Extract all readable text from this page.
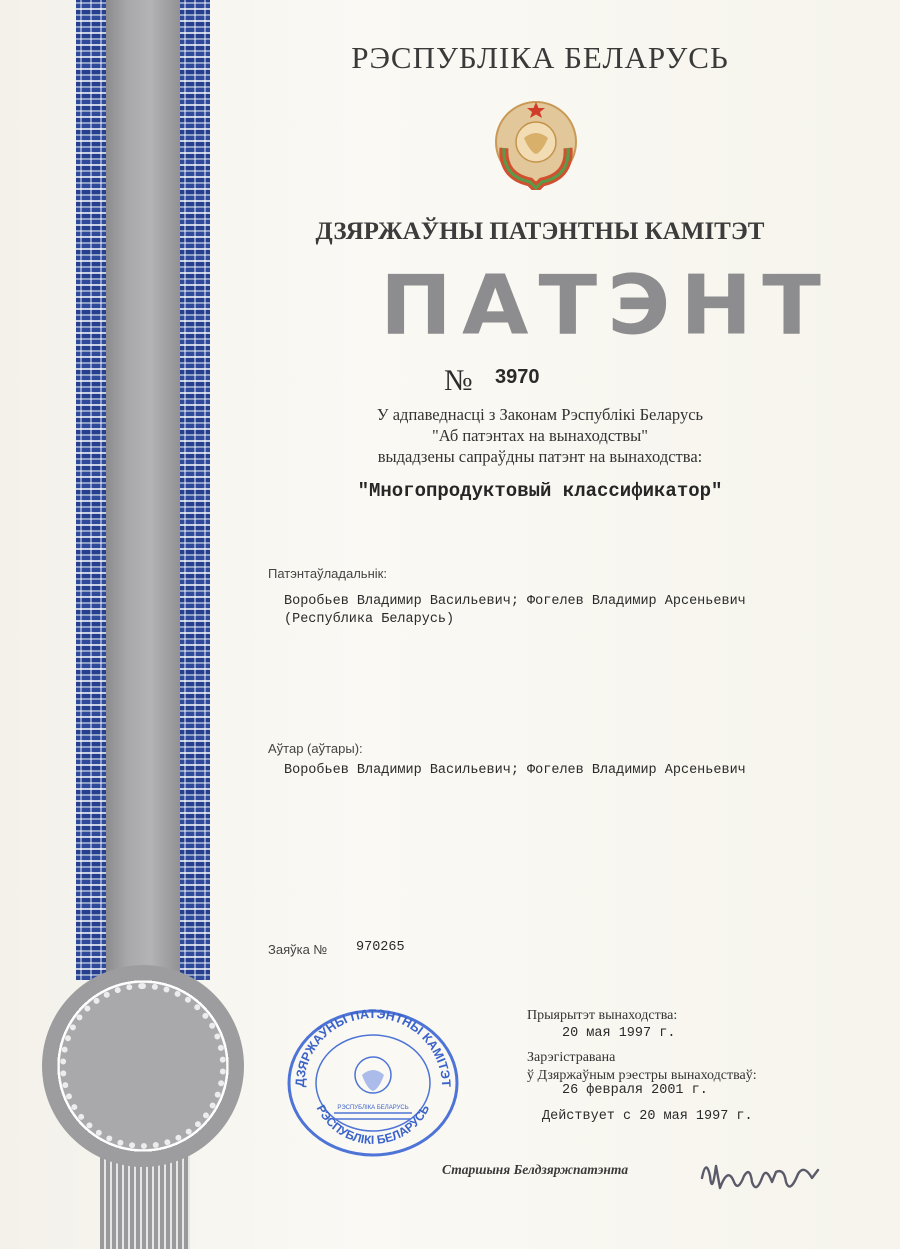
РЭСПУБЛІКА БЕЛАРУСЬ
ДЗЯРЖАЎНЫ ПАТЭНТНЫ КАМІТЭТ
ПАТЭНТ
№ 3970
У адпаведнасці з Законам Рэспублікі Беларусь
"Аб патэнтах на вынаходствы"
выдадзены сапраўдны патэнт на вынаходства:
"Многопродуктовый классификатор"
Патэнтаўладальнік:
Воробьев Владимир Васильевич; Фогелев Владимир Арсеньевич
(Республика Беларусь)
Аўтар (аўтары):
Воробьев Владимир Васильевич; Фогелев Владимир Арсеньевич
Заяўка № 970265
Прыярытэт вынаходства:
20 мая 1997 г.
Зарэгістравана
ў Дзяржаўным рэестры вынаходстваў:
26 февраля 2001 г.
Действует с 20 мая 1997 г.
ДЗЯРЖАЎНЫ ПАТЭНТНЫ КАМІТЭТ
РЭСПУБЛІКІ БЕЛАРУСЬ
РЭСПУБЛІКА БЕЛАРУСЬ
Старшыня Белдзяржпатэнта
